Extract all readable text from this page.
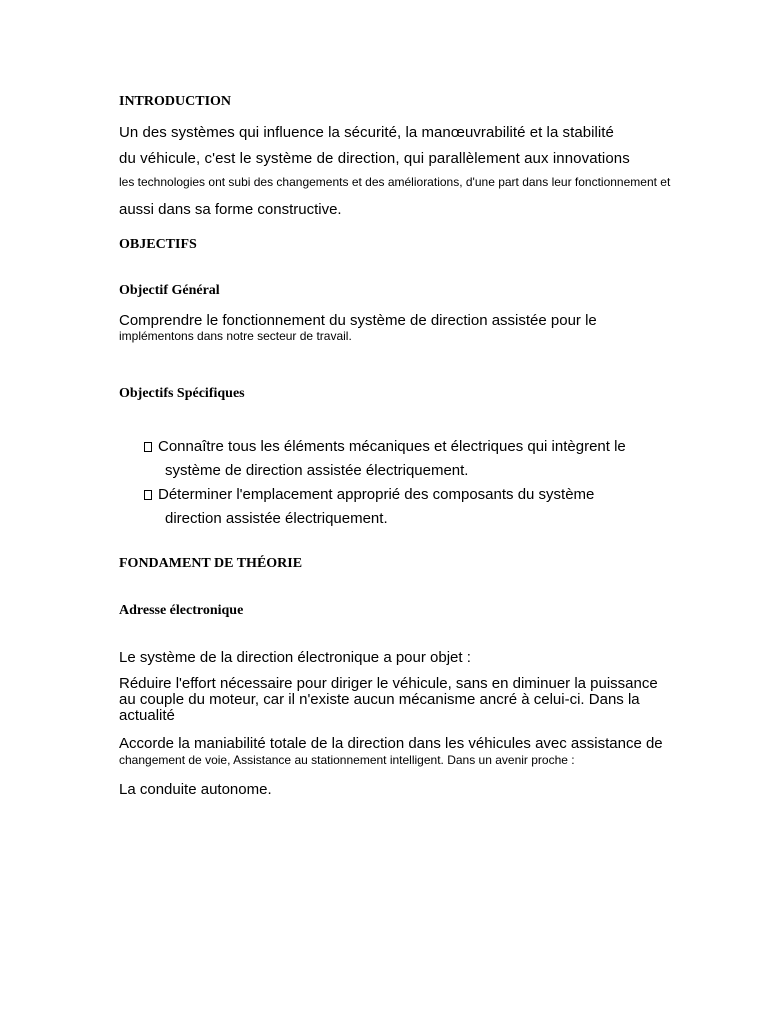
INTRODUCTION

Un des systèmes qui influence la sécurité, la manœuvrabilité et la stabilité

du véhicule, c'est le système de direction, qui parallèlement aux innovations

les technologies ont subi des changements et des améliorations, d'une part dans leur fonctionnement et

aussi dans sa forme constructive.

OBJECTIFS

Objectif Général

Comprendre le fonctionnement du système de direction assistée pour le

implémentons dans notre secteur de travail.

Objectifs Spécifiques

Connaître tous les éléments mécaniques et électriques qui intègrent le

système de direction assistée électriquement.

Déterminer l'emplacement approprié des composants du système

direction assistée électriquement.

FONDAMENT DE THÉORIE

Adresse électronique

Le système de la direction électronique a pour objet :

Réduire l'effort nécessaire pour diriger le véhicule, sans en diminuer la puissance

au couple du moteur, car il n'existe aucun mécanisme ancré à celui-ci. Dans la

actualité

Accorde la maniabilité totale de la direction dans les véhicules avec assistance de

changement de voie, Assistance au stationnement intelligent. Dans un avenir proche :

La conduite autonome.
